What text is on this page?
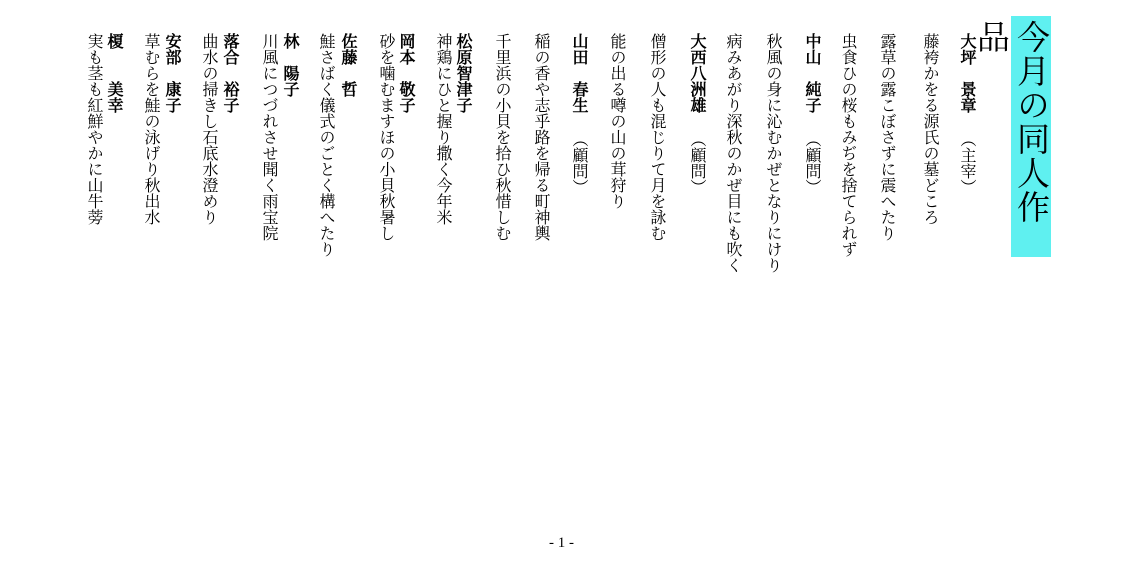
今月の同人作品
大坪　景章（主宰）
藤袴かをる源氏の墓どころ
露草の露こぼさずに震へたり
虫食ひの桜もみぢを捨てられず
中山　純子（顧問）
秋風の身に沁むかぜとなりにけり
病みあがり深秋のかぜ目にも吹く
大西八洲雄（顧問）
僧形の人も混じりて月を詠む
能の出る噂の山の茸狩り
山田　春生（顧問）
稲の香や志乎路を帰る町神輿
千里浜の小貝を拾ひ秋惜しむ
松原智津子
神鶏にひと握り撒く今年米
岡本　敬子
砂を噛むますほの小貝秋暑し
佐藤　哲
鮭さばく儀式のごとく構へたり
林　陽子
川風につづれさせ聞く雨宝院
落合　裕子
曲水の掃きし石底水澄めり
安部　康子
草むらを鮭の泳げり秋出水
榎　　美幸
実も茎も紅鮮やかに山牛蒡
- 1 -
